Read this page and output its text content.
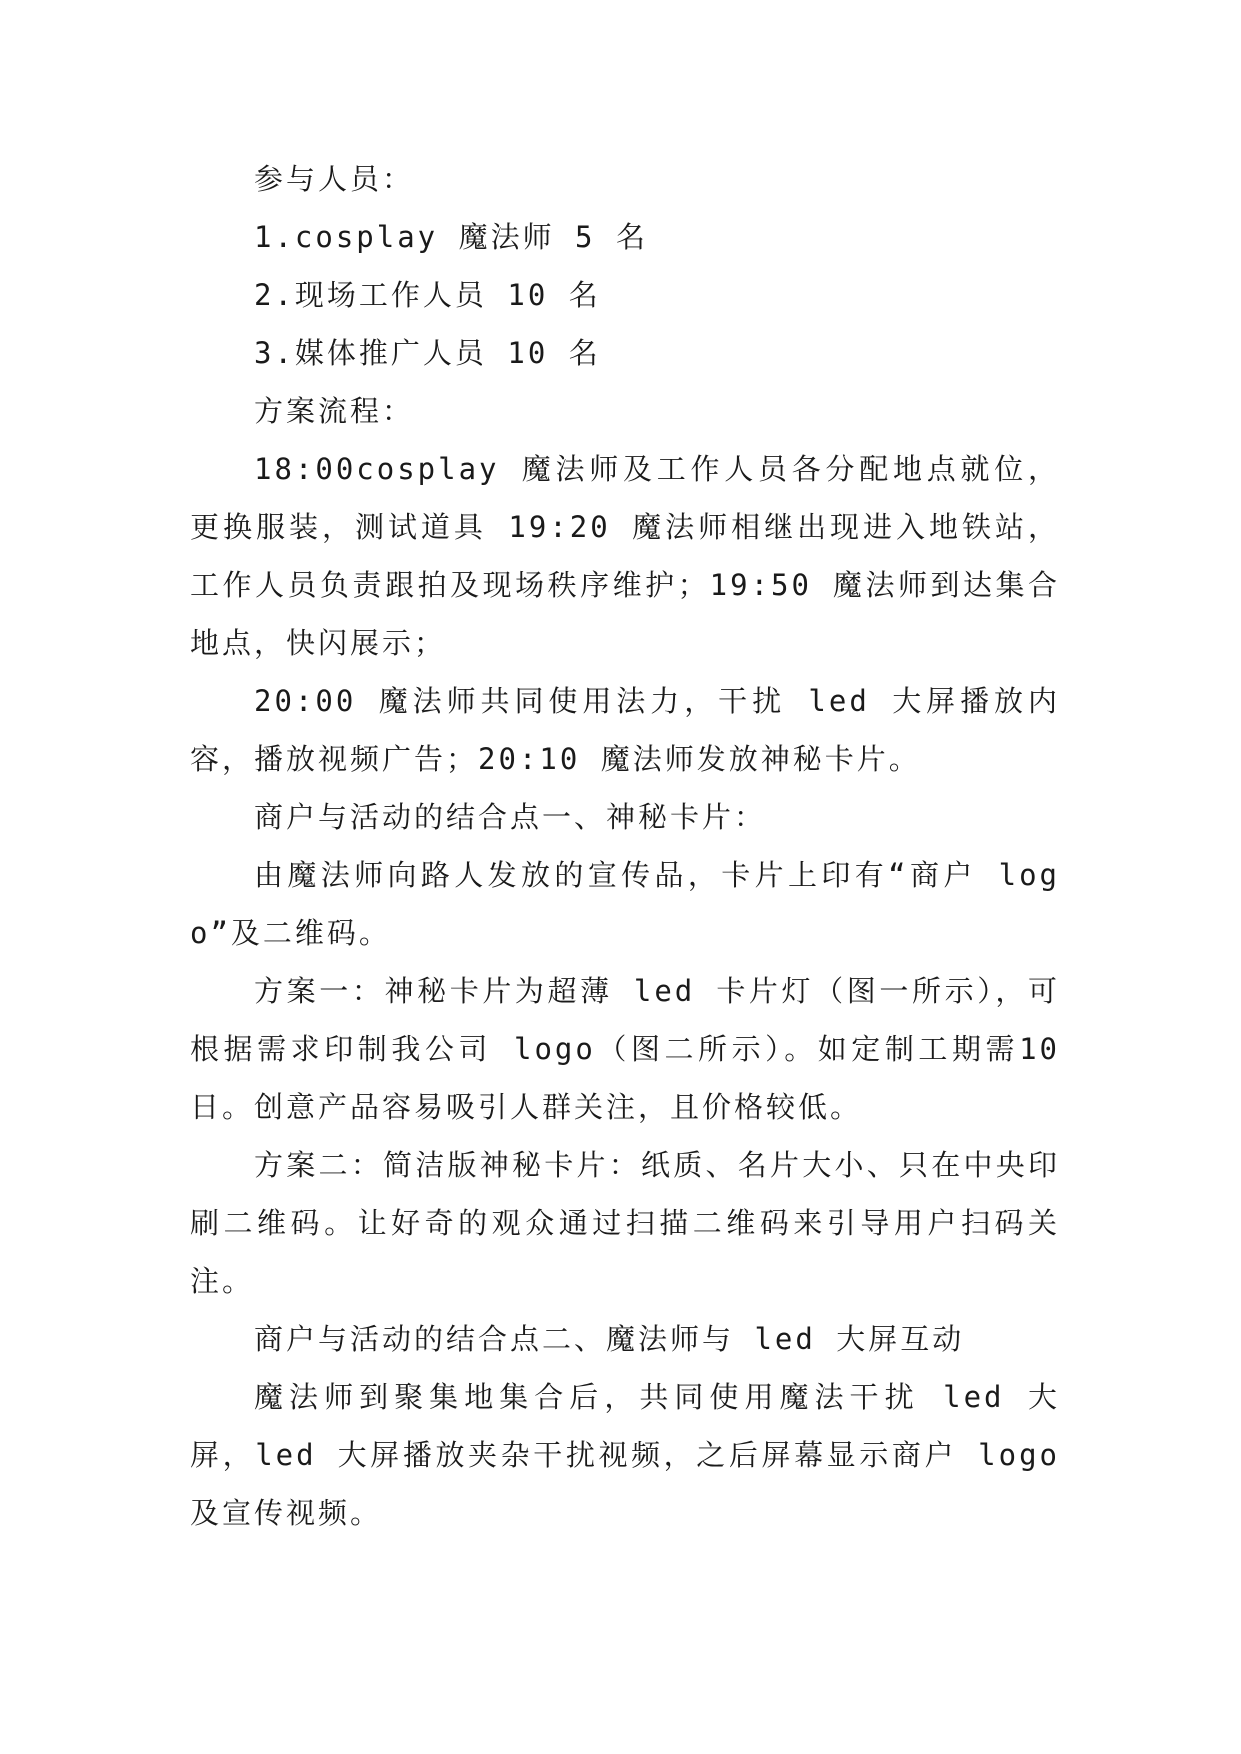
参与人员：

1.cosplay 魔法师 5 名

2.现场工作人员 10 名

3.媒体推广人员 10 名

方案流程：

18:00cosplay 魔法师及工作人员各分配地点就位，更换服装，测试道具 19:20 魔法师相继出现进入地铁站，工作人员负责跟拍及现场秩序维护；19:50 魔法师到达集合地点，快闪展示；

20:00 魔法师共同使用法力，干扰 led 大屏播放内容，播放视频广告；20:10 魔法师发放神秘卡片。

商户与活动的结合点一、神秘卡片：

由魔法师向路人发放的宣传品，卡片上印有“商户 logo”及二维码。

方案一：神秘卡片为超薄 led 卡片灯（图一所示），可根据需求印制我公司 logo（图二所示）。如定制工期需10日。创意产品容易吸引人群关注，且价格较低。

方案二：简洁版神秘卡片：纸质、名片大小、只在中央印刷二维码。让好奇的观众通过扫描二维码来引导用户扫码关注。

商户与活动的结合点二、魔法师与 led 大屏互动

魔法师到聚集地集合后，共同使用魔法干扰 led 大屏，led 大屏播放夹杂干扰视频，之后屏幕显示商户 logo 及宣传视频。
